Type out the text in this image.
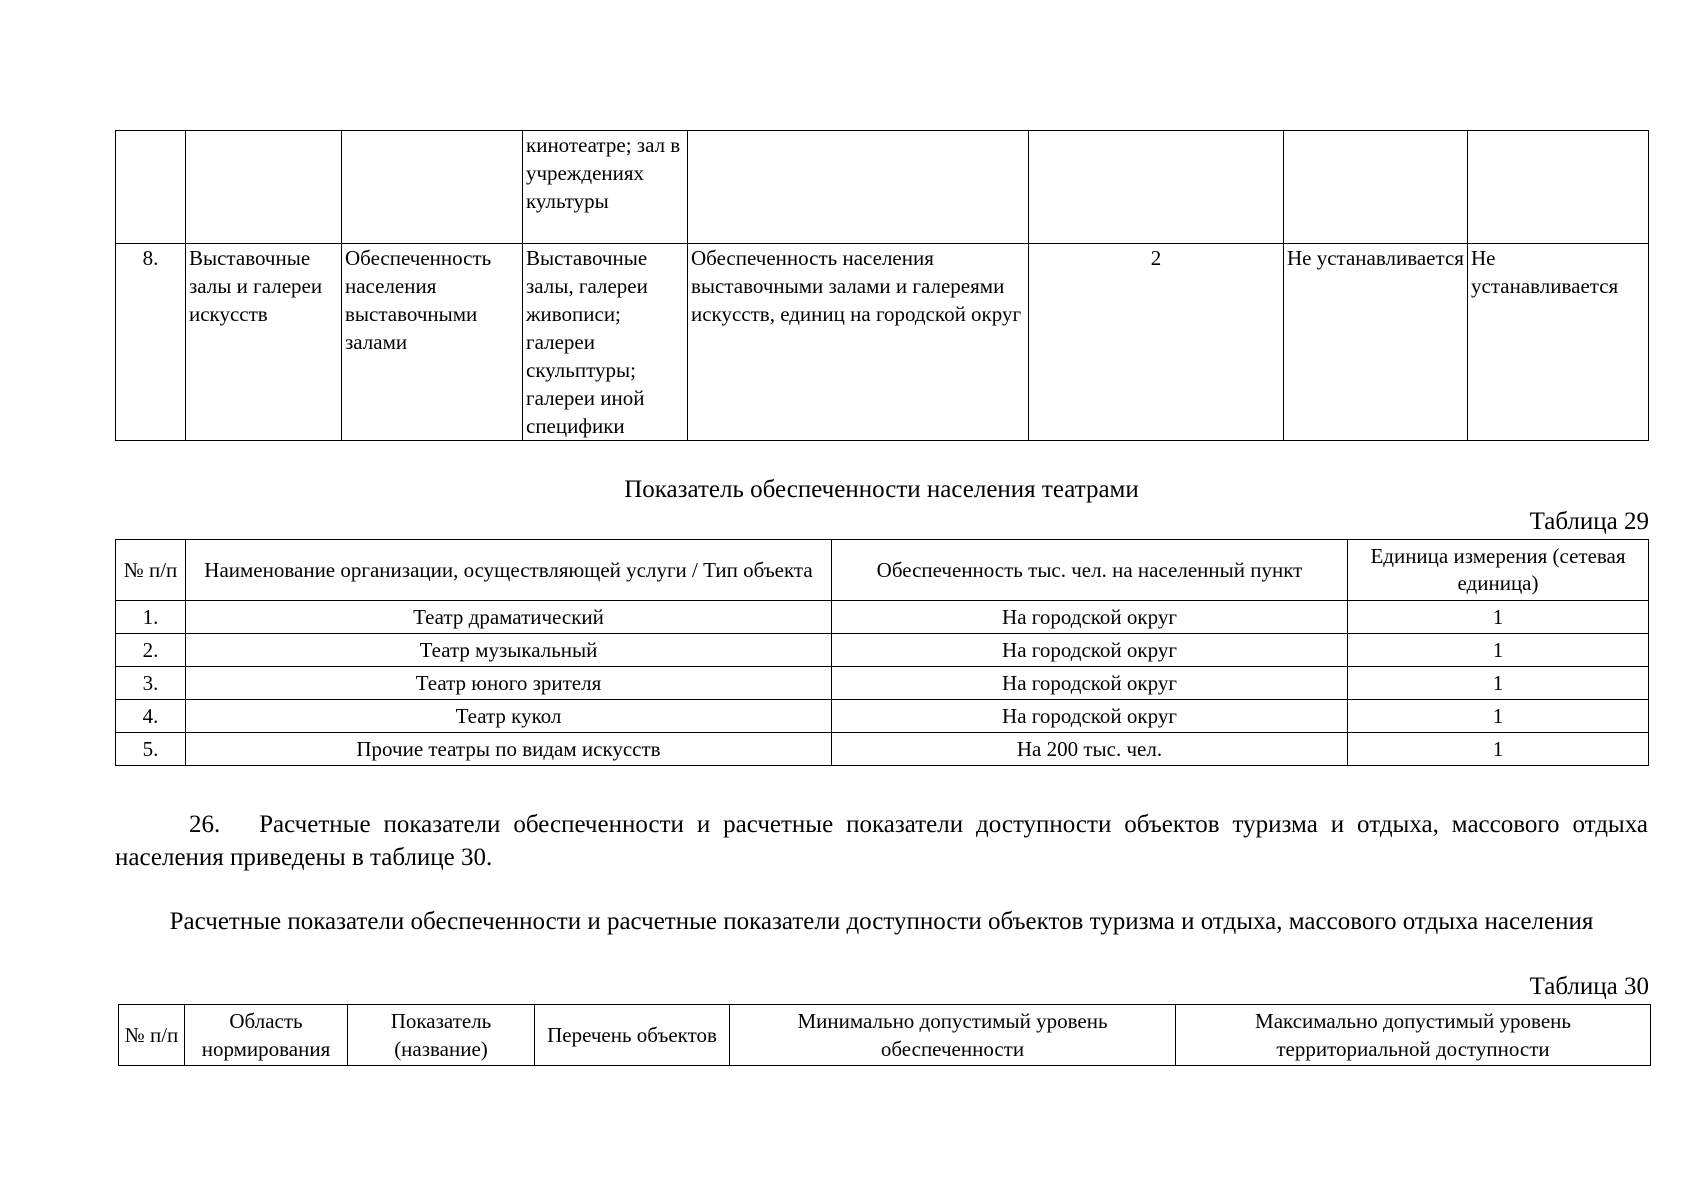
			кинотеатре; зал в учреждениях культуры				
8.	Выставочные залы и галереи искусств	Обеспеченность населения выставочными залами	Выставочные залы, галереи живописи; галереи скульптуры; галереи иной специфики	Обеспеченность населения выставочными залами и галереями искусств, единиц на городской округ	2	Не устанавливается	Не устанавливается
Показатель обеспеченности населения театрами
Таблица 29
№ п/п	Наименование организации, осуществляющей услуги / Тип объекта	Обеспеченность тыс. чел. на населенный пункт	Единица измерения (сетевая единица)
1.	Театр драматический	На городской округ	1
2.	Театр музыкальный	На городской округ	1
3.	Театр юного зрителя	На городской округ	1
4.	Театр кукол	На городской округ	1
5.	Прочие театры по видам искусств	На 200 тыс. чел.	1
26.   Расчетные показатели обеспеченности и расчетные показатели доступности объектов туризма и отдыха, массового отдыха населения приведены в таблице 30.
Расчетные показатели обеспеченности и расчетные показатели доступности объектов туризма и отдыха, массового отдыха населения
Таблица 30
№ п/п	Область нормирования	Показатель (название)	Перечень объектов	Минимально допустимый уровень обеспеченности	Максимально допустимый уровень территориальной доступности
